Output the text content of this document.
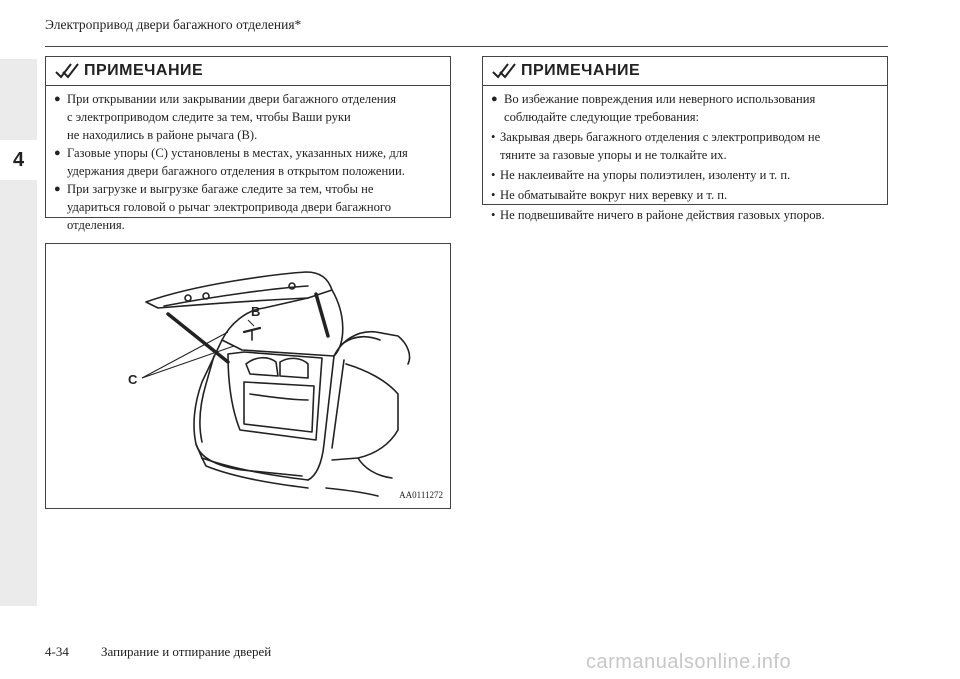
4
Электропривод двери багажного отделения*
ПРИМЕЧАНИЕ
● При открывании или закрывании двери багажного отделения
с электроприводом следите за тем, чтобы Ваши руки
не находились в районе рычага (B).
● Газовые упоры (C) установлены в местах, указанных ниже, для
удержания двери багажного отделения в открытом положении.
● При загрузке и выгрузке багаже следите за тем, чтобы не
удариться головой о рычаг электропривода двери багажного
отделения.
ПРИМЕЧАНИЕ
● Во избежание повреждения или неверного использования
соблюдайте следующие требования:
• Закрывая дверь багажного отделения с электроприводом не
тяните за газовые упоры и не толкайте их.
• Не наклеивайте на упоры полиэтилен, изоленту и т. п.
• Не обматывайте вокруг них веревку и т. п.
• Не подвешивайте ничего в районе действия газовых упоров.
B
C
AA0111272
4-34 Запирание и отпирание дверей	carmanualsonline.info
